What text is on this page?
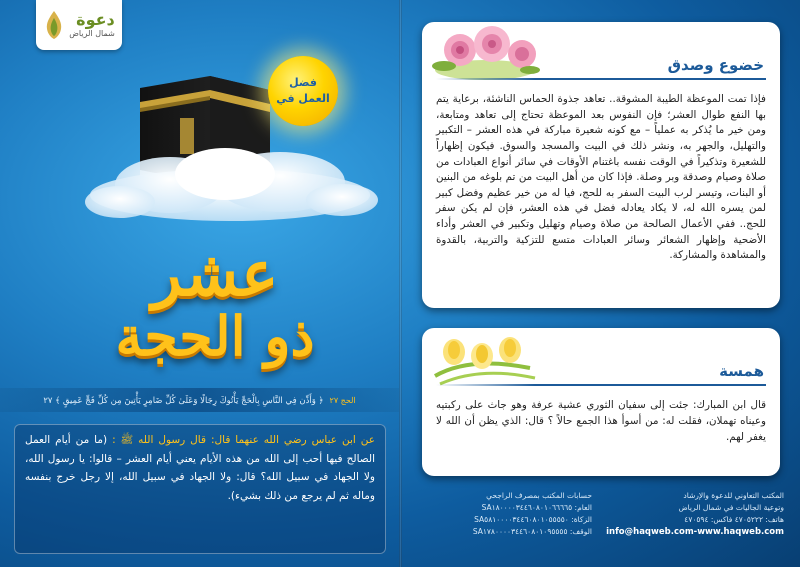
دعوة
شمال الرياض
فضل
العمل في
عشر
ذو الحجة
الحج ٢٧
﴿ وَأَذِّن فِي النَّاسِ بِالْحَجِّ يَأْتُوكَ رِجَالًا وَعَلَىٰ كُلِّ ضَامِرٍ يَأْتِينَ مِن كُلِّ فَجٍّ عَمِيقٍ ﴾ ٢٧
عن ابن عباس رضي الله عنهما قال: قال رسول الله ﷺ : (ما من أيام العمل الصالح فيها أحب إلى الله من هذه الأيام يعني أيام العشر – قالوا: يا رسول الله، ولا الجهاد في سبيل الله؟ قال: ولا الجهاد في سبيل الله، إلا رجل خرج بنفسه وماله ثم لم يرجع من ذلك بشيء).
خضوع وصدق
فإذا تمت الموعظة الطيبة المشوقة.. تعاهد جذوة الحماس الناشئة، برعاية يتم بها النفع طوال العشر؛ فإن النفوس بعد الموعظة تحتاج إلى تعاهد ومتابعة، ومن خير ما يُذكر به عملياً – مع كونه شعيرة مباركة في هذه العشر – التكبير والتهليل، والجهر به، ونشر ذلك في البيت والمسجد والسوق. فيكون إظهاراً للشعيرة وتذكيراً في الوقت نفسه باغتنام الأوقات في سائر أنواع العبادات من صلاة وصيام وصدقة وبر وصلة. فإذا كان من أهل البيت من تم بلوغه من البنين أو البنات، وتيسر لرب البيت السفر به للحج، فيا له من خير عظيم وفضل كبير لمن يسره الله له، لا يكاد يعادله فضل في هذه العشر، فإن لم يكن سفر للحج.. ففي الأعمال الصالحة من صلاة وصيام وتهليل وتكبير في العشر وأداء الأضحية وإظهار الشعائر وسائر العبادات متسع للتزكية والتربية، بالقدوة والمشاهدة والمشاركة.
همسة
قال ابن المبارك: جئت إلى سفيان الثوري عشية عرفة وهو جاث على ركبتيه وعيناه تهملان، فقلت له: من أسوأ هذا الجمع حالاً ؟ قال: الذي يظن أن الله لا يغفر لهم.
المكتب التعاوني للدعوة والإرشاد
وتوعية الجاليات في شمال الرياض
هاتف: ٤٧٠٥٢٢٢ فاكس: ٤٧٠٥٩٤
info@haqweb.com-www.haqweb.com
حسابات المكتب بمصرف الراجحي
العام: SA١٨٠٠٠٠٣٤٤٦٠٨٠١٠٦٦٦٦٥
الزكاة: SA٥٨١٠٠٠٠٣٤٤٦٠٨٠١٠٥٥٥٥٠
الوقف: SA١٧٨٠٠٠٠٣٤٤٦٠٨٠١٠٩٥٥٥٥
